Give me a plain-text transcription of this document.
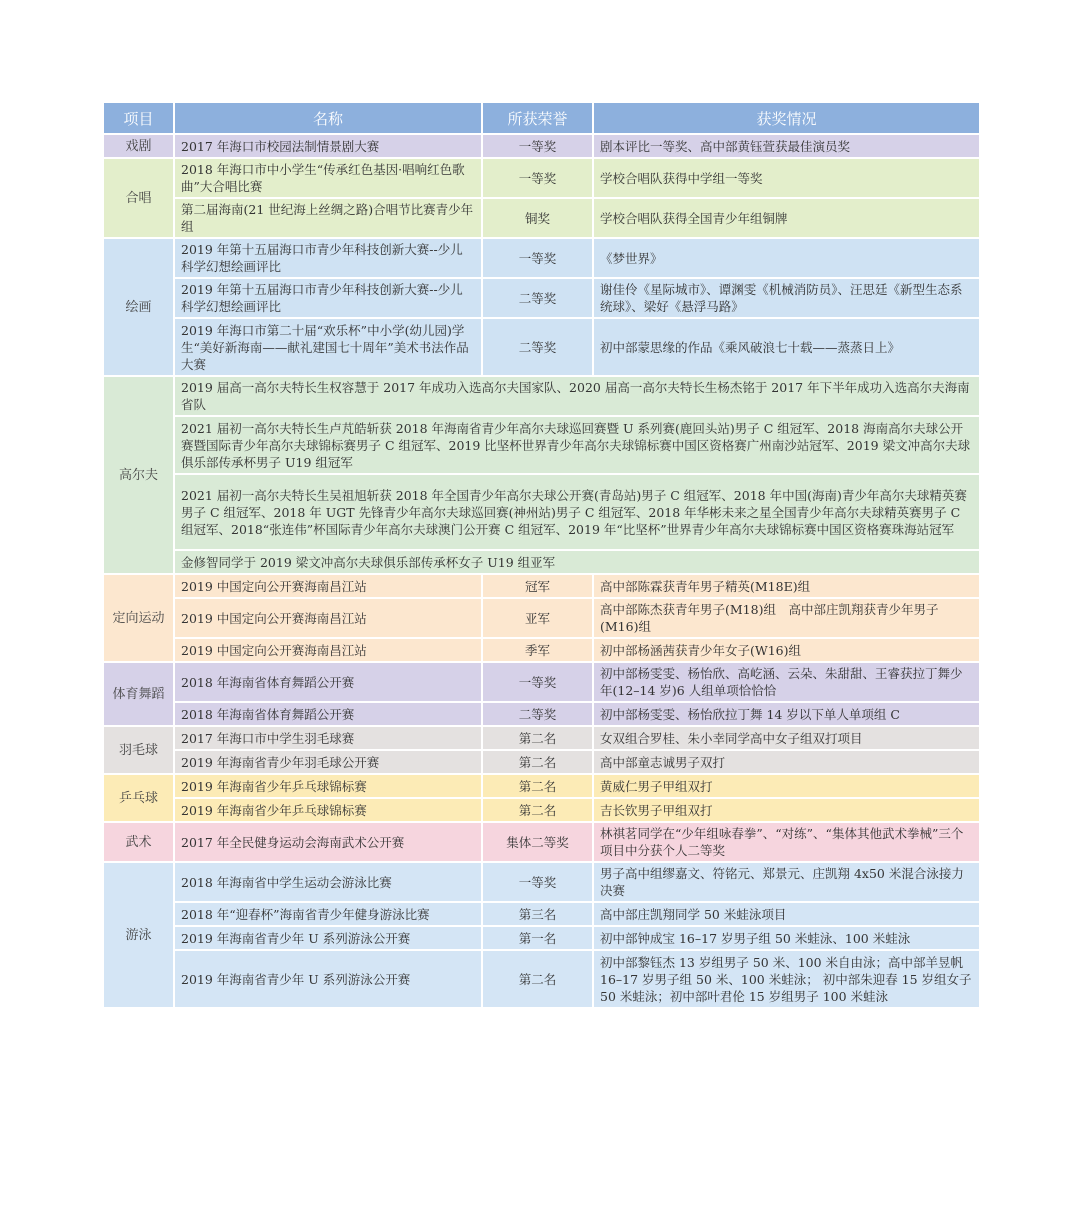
项目	名称	所获荣誉	获奖情况
戏剧	2017 年海口市校园法制情景剧大赛	一等奖	剧本评比一等奖、高中部黄钰萱获最佳演员奖
合唱	2018 年海口市中小学生“传承红色基因·唱响红色歌曲”大合唱比赛	一等奖	学校合唱队获得中学组一等奖
	第二届海南(21 世纪海上丝绸之路)合唱节比赛青少年组	铜奖	学校合唱队获得全国青少年组铜牌
绘画	2019 年第十五届海口市青少年科技创新大赛--少儿科学幻想绘画评比	一等奖	《梦世界》
	2019 年第十五届海口市青少年科技创新大赛--少儿科学幻想绘画评比	二等奖	谢佳伶《星际城市》、谭渊雯《机械消防员》、汪思廷《新型生态系统球》、梁好《悬浮马路》
	2019 年海口市第二十届“欢乐杯”中小学(幼儿园)学生“美好新海南——献礼建国七十周年”美术书法作品大赛	二等奖	初中部蒙思缘的作品《乘风破浪七十载——蒸蒸日上》
高尔夫	2019 届高一高尔夫特长生权容慧于 2017 年成功入选高尔夫国家队、2020 届高一高尔夫特长生杨杰铭于 2017 年下半年成功入选高尔夫海南省队		
	2021 届初一高尔夫特长生卢芃皓斩获 2018 年海南省青少年高尔夫球巡回赛暨 U 系列赛(鹿回头站)男子 C 组冠军、2018 海南高尔夫球公开赛暨国际青少年高尔夫球锦标赛男子 C 组冠军、2019 比坚杯世界青少年高尔夫球锦标赛中国区资格赛广州南沙站冠军、2019 梁文冲高尔夫球俱乐部传承杯男子 U19 组冠军		
	2021 届初一高尔夫特长生吴祖旭斩获 2018 年全国青少年高尔夫球公开赛(青岛站)男子 C 组冠军、2018 年中国(海南)青少年高尔夫球精英赛男子 C 组冠军、2018 年 UGT 先锋青少年高尔夫球巡回赛(神州站)男子 C 组冠军、2018 年华彬未来之星全国青少年高尔夫球精英赛男子 C 组冠军、2018“张连伟”杯国际青少年高尔夫球澳门公开赛 C 组冠军、2019 年“比坚杯”世界青少年高尔夫球锦标赛中国区资格赛珠海站冠军		
	金修智同学于 2019 梁文冲高尔夫球俱乐部传承杯女子 U19 组亚军		
定向运动	2019 中国定向公开赛海南昌江站	冠军	高中部陈霖获青年男子精英(M18E)组
	2019 中国定向公开赛海南昌江站	亚军	高中部陈杰获青年男子(M18)组　高中部庄凯翔获青少年男子(M16)组
	2019 中国定向公开赛海南昌江站	季军	初中部杨涵茜获青少年女子(W16)组
体育舞蹈	2018 年海南省体育舞蹈公开赛	一等奖	初中部杨雯雯、杨怡欣、高屹涵、云朵、朱甜甜、王睿获拉丁舞少年(12–14 岁)6 人组单项恰恰恰
	2018 年海南省体育舞蹈公开赛	二等奖	初中部杨雯雯、杨怡欣拉丁舞 14 岁以下单人单项组 C
羽毛球	2017 年海口市中学生羽毛球赛	第二名	女双组合罗桂、朱小幸同学高中女子组双打项目
	2019 年海南省青少年羽毛球公开赛	第二名	高中部童志诚男子双打
乒乓球	2019 年海南省少年乒乓球锦标赛	第二名	黄威仁男子甲组双打
	2019 年海南省少年乒乓球锦标赛	第二名	吉长钦男子甲组双打
武术	2017 年全民健身运动会海南武术公开赛	集体二等奖	林祺茗同学在“少年组咏春拳”、“对练”、“集体其他武术拳械”三个项目中分获个人二等奖
游泳	2018 年海南省中学生运动会游泳比赛	一等奖	男子高中组缪嘉文、符铭元、郑景元、庄凯翔 4x50 米混合泳接力决赛
	2018 年“迎春杯”海南省青少年健身游泳比赛	第三名	高中部庄凯翔同学 50 米蛙泳项目
	2019 年海南省青少年 U 系列游泳公开赛	第一名	初中部钟成宝 16–17 岁男子组 50 米蛙泳、100 米蛙泳
	2019 年海南省青少年 U 系列游泳公开赛	第二名	初中部黎钰杰 13 岁组男子 50 米、100 米自由泳；高中部羊昱帆 16–17 岁男子组 50 米、100 米蛙泳； 初中部朱迎春 15 岁组女子 50 米蛙泳；初中部叶君伦 15 岁组男子 100 米蛙泳
